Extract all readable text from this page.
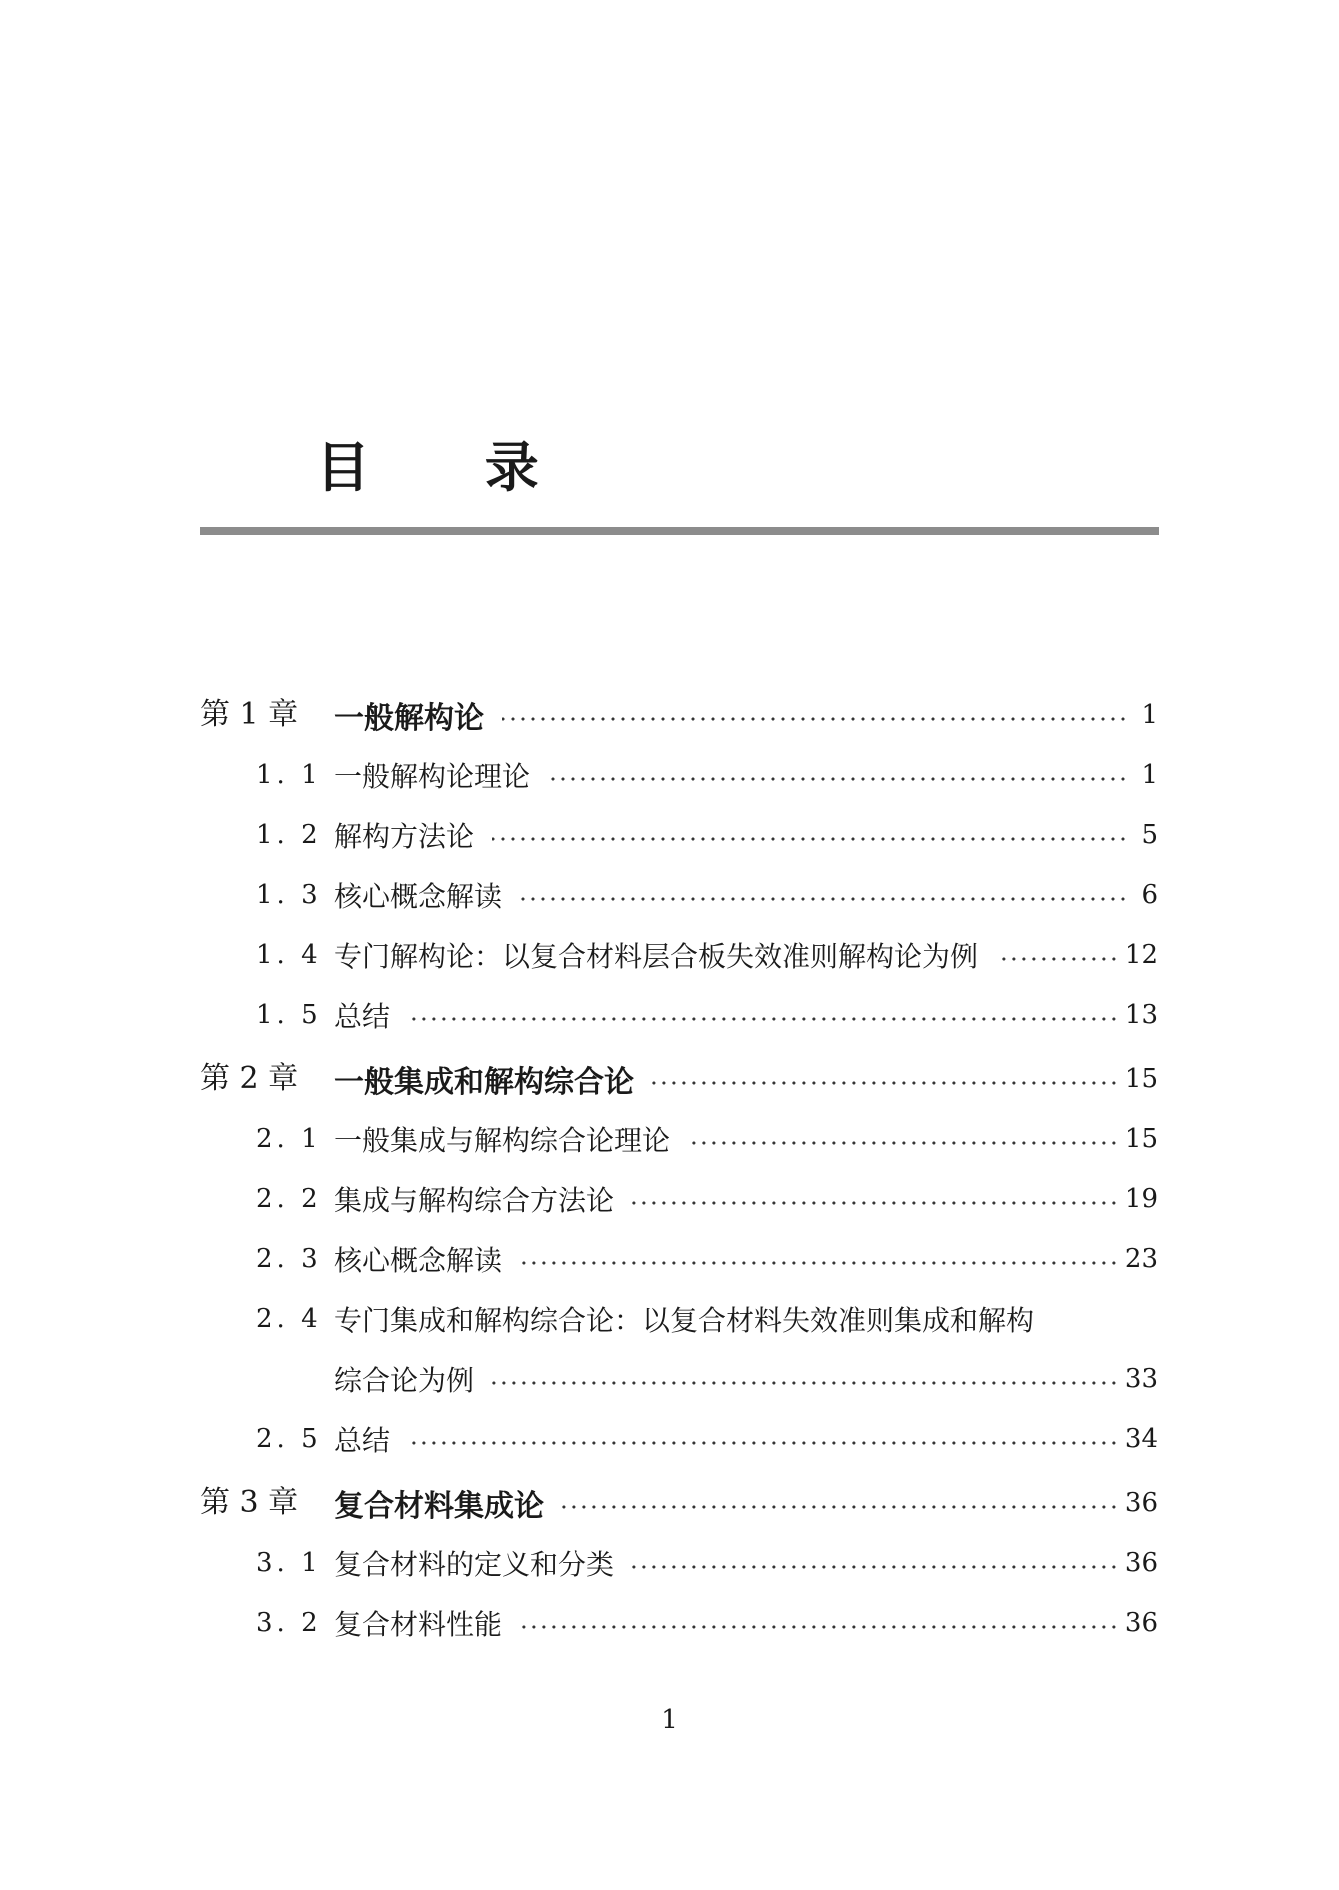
目 录
第 1 章 一般解构论	1
1. 1 一般解构论理论	1
1. 2 解构方法论	5
1. 3 核心概念解读	6
1. 4 专门解构论：以复合材料层合板失效准则解构论为例	12
1. 5 总结	13
第 2 章 一般集成和解构综合论	15
2. 1 一般集成与解构综合论理论	15
2. 2 集成与解构综合方法论	19
2. 3 核心概念解读	23
2. 4 专门集成和解构综合论：以复合材料失效准则集成和解构
综合论为例	33
2. 5 总结	34
第 3 章 复合材料集成论	36
3. 1 复合材料的定义和分类	36
3. 2 复合材料性能	36
1
